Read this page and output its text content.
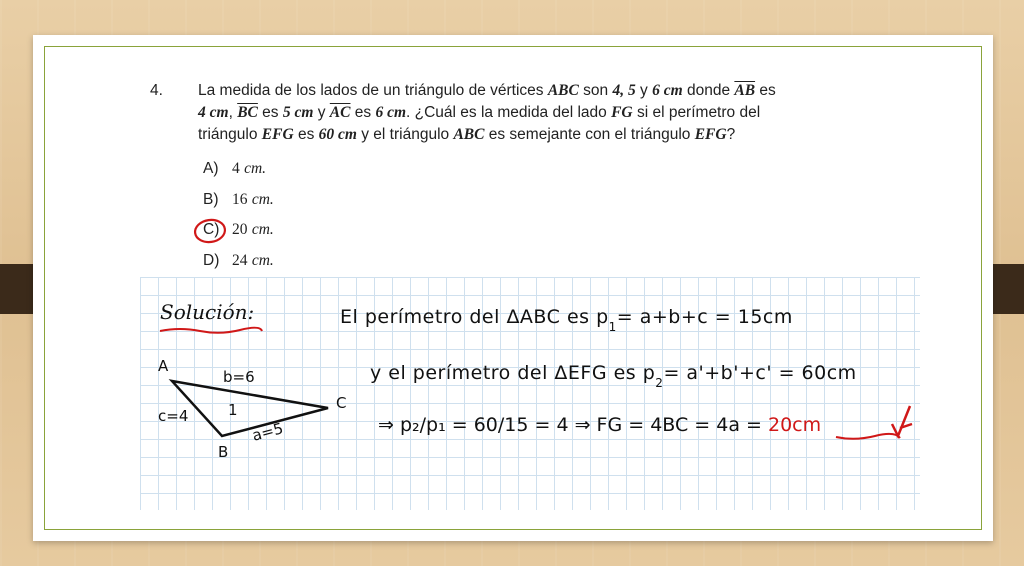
4. La medida de los lados de un triángulo de vértices ABC son 4, 5 y 6 cm donde $\overline{AB}$ es
4 cm, $\overline{BC}$ es 5 cm y $\overline{AC}$ es 6 cm. ¿Cuál es la medida del lado FG si el perímetro del
triángulo EFG es 60 cm y el triángulo ABC es semejante con el triángulo EFG?
A) 4 cm.
B) 16 cm.
C) 20 cm.
D) 24 cm.
Solución:
A
B
C
b=6
c=4
a=5
1
El perímetro del ΔABC es $p_1= a+b+c = 15cm$
y el perímetro del ΔEFG es $p_2= a'+b'+c' = 60cm$
⇒ p₂/p₁ = 60/15 = 4 ⇒ FG = 4BC = 4a = 20cm
